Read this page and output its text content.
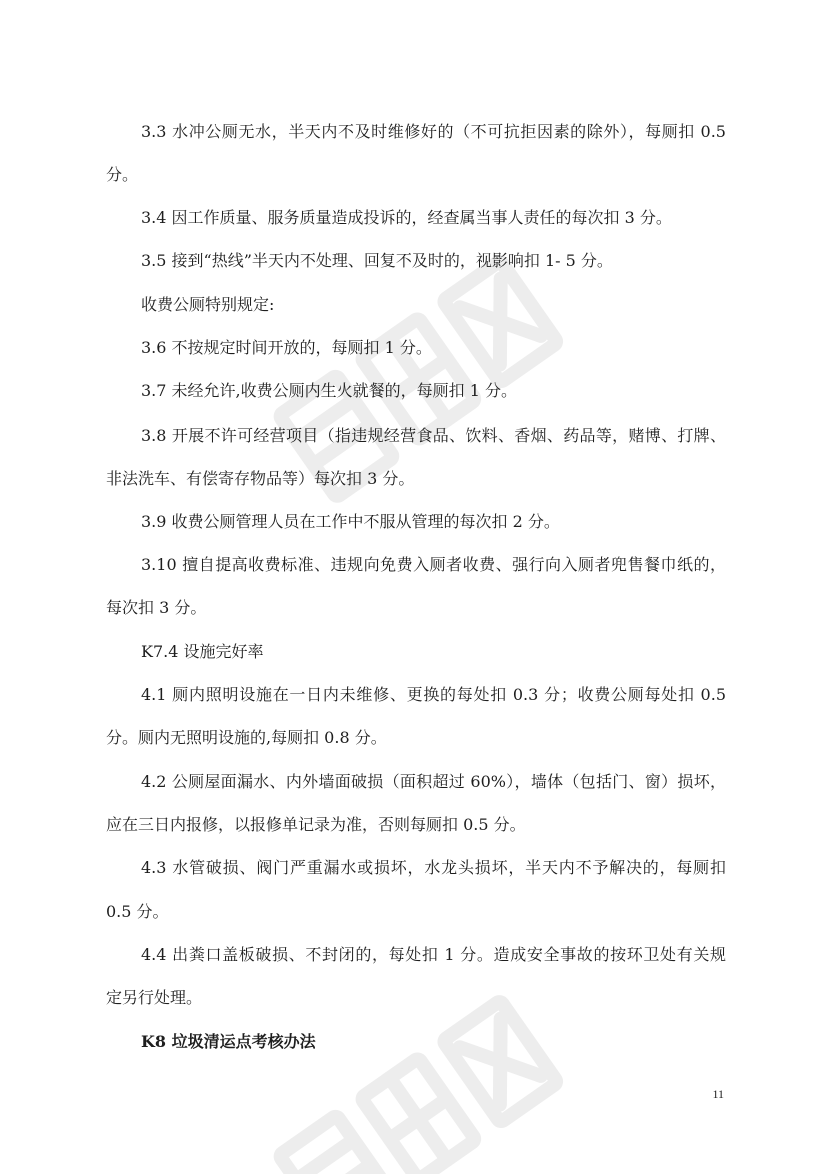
3.3 水冲公厕无水，半天内不及时维修好的（不可抗拒因素的除外），每厕扣 0.5
分。
3.4 因工作质量、服务质量造成投诉的，经查属当事人责任的每次扣 3 分。
3.5 接到“热线”半天内不处理、回复不及时的，视影响扣 1- 5 分。
收费公厕特别规定:
3.6 不按规定时间开放的，每厕扣 1 分。
3.7 未经允许,收费公厕内生火就餐的，每厕扣 1 分。
3.8 开展不许可经营项目（指违规经营食品、饮料、香烟、药品等，赌博、打牌、
非法洗车、有偿寄存物品等）每次扣 3 分。
3.9 收费公厕管理人员在工作中不服从管理的每次扣 2 分。
3.10 擅自提高收费标准、违规向免费入厕者收费、强行向入厕者兜售餐巾纸的，
每次扣 3 分。
K7.4 设施完好率
4.1 厕内照明设施在一日内未维修、更换的每处扣 0.3 分；收费公厕每处扣 0.5
分。厕内无照明设施的,每厕扣 0.8 分。
4.2 公厕屋面漏水、内外墙面破损（面积超过 60%），墙体（包括门、窗）损坏，
应在三日内报修，以报修单记录为准，否则每厕扣 0.5 分。
4.3 水管破损、阀门严重漏水或损坏，水龙头损坏，半天内不予解决的，每厕扣
0.5 分。
4.4 出粪口盖板破损、不封闭的，每处扣 1 分。造成安全事故的按环卫处有关规
定另行处理。
K8 垃圾清运点考核办法
11
